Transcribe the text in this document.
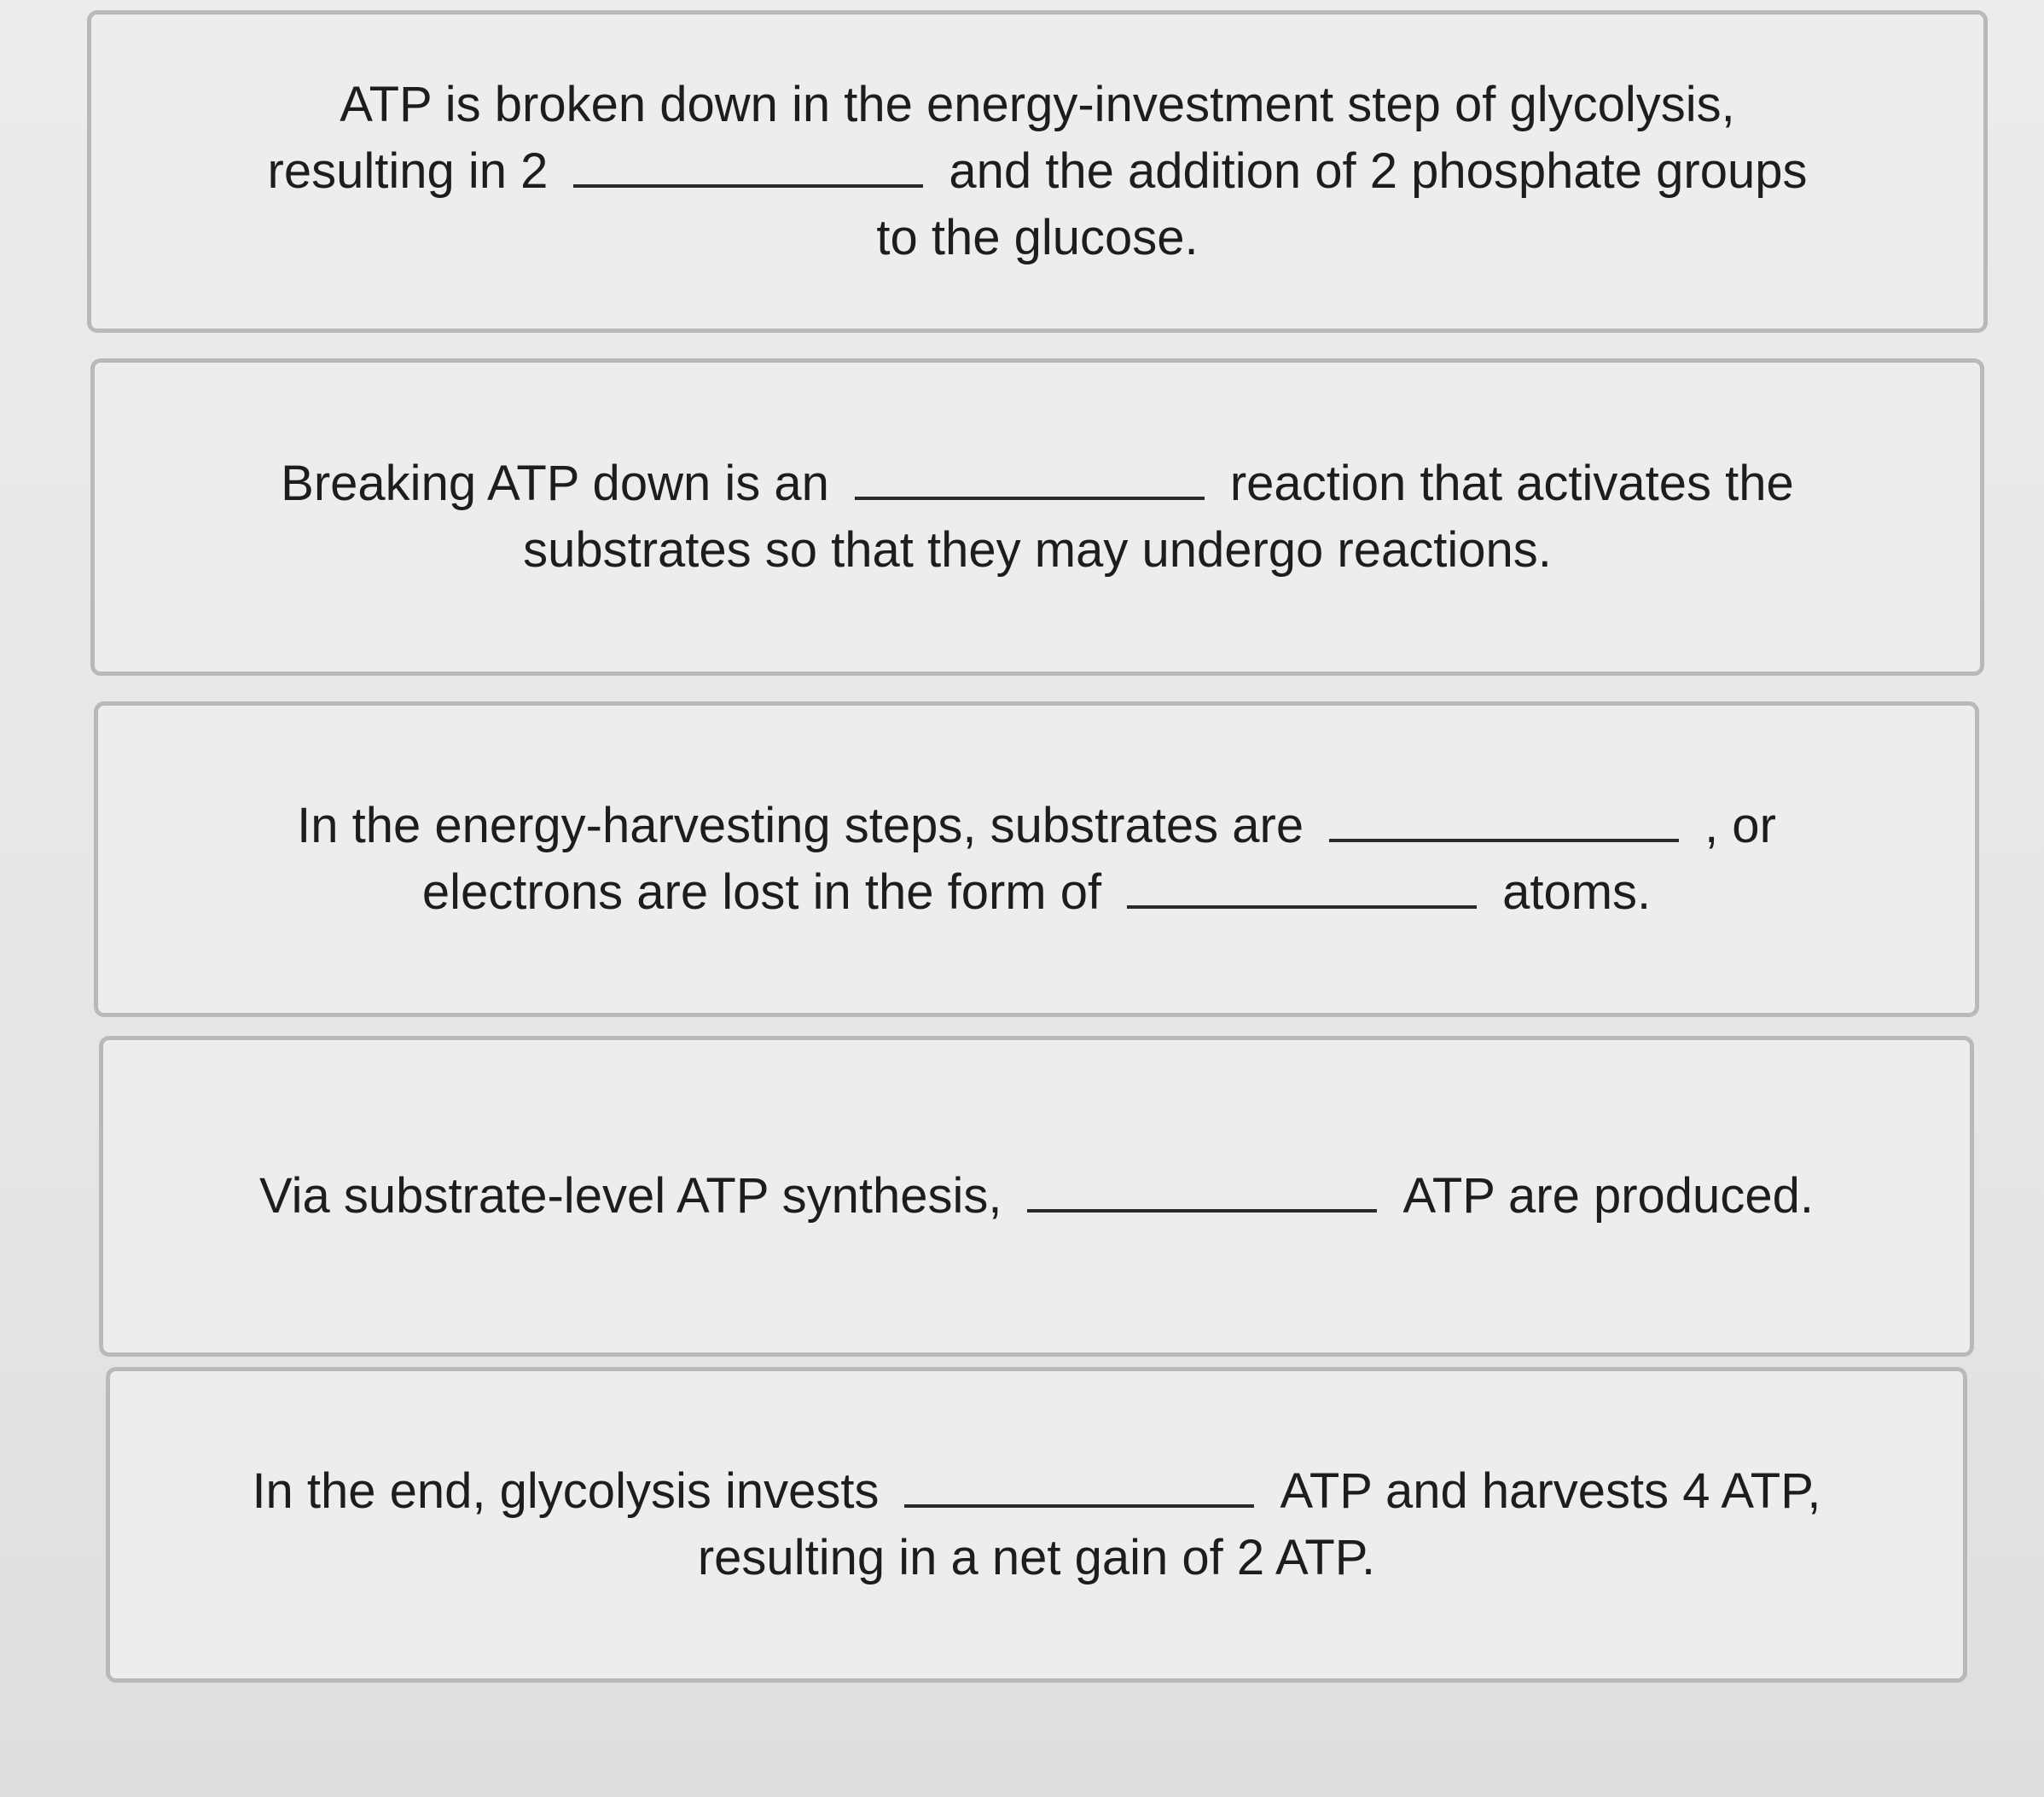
ATP is broken down in the energy-investment step of glycolysis,
resulting in 2	and the addition of 2 phosphate groups
to the glucose.
Breaking ATP down is an	reaction that activates the
substrates so that they may undergo reactions.
In the energy-harvesting steps, substrates are	, or
electrons are lost in the form of	atoms.
Via substrate-level ATP synthesis,	ATP are produced.
In the end, glycolysis invests	ATP and harvests 4 ATP,
resulting in a net gain of 2 ATP.
